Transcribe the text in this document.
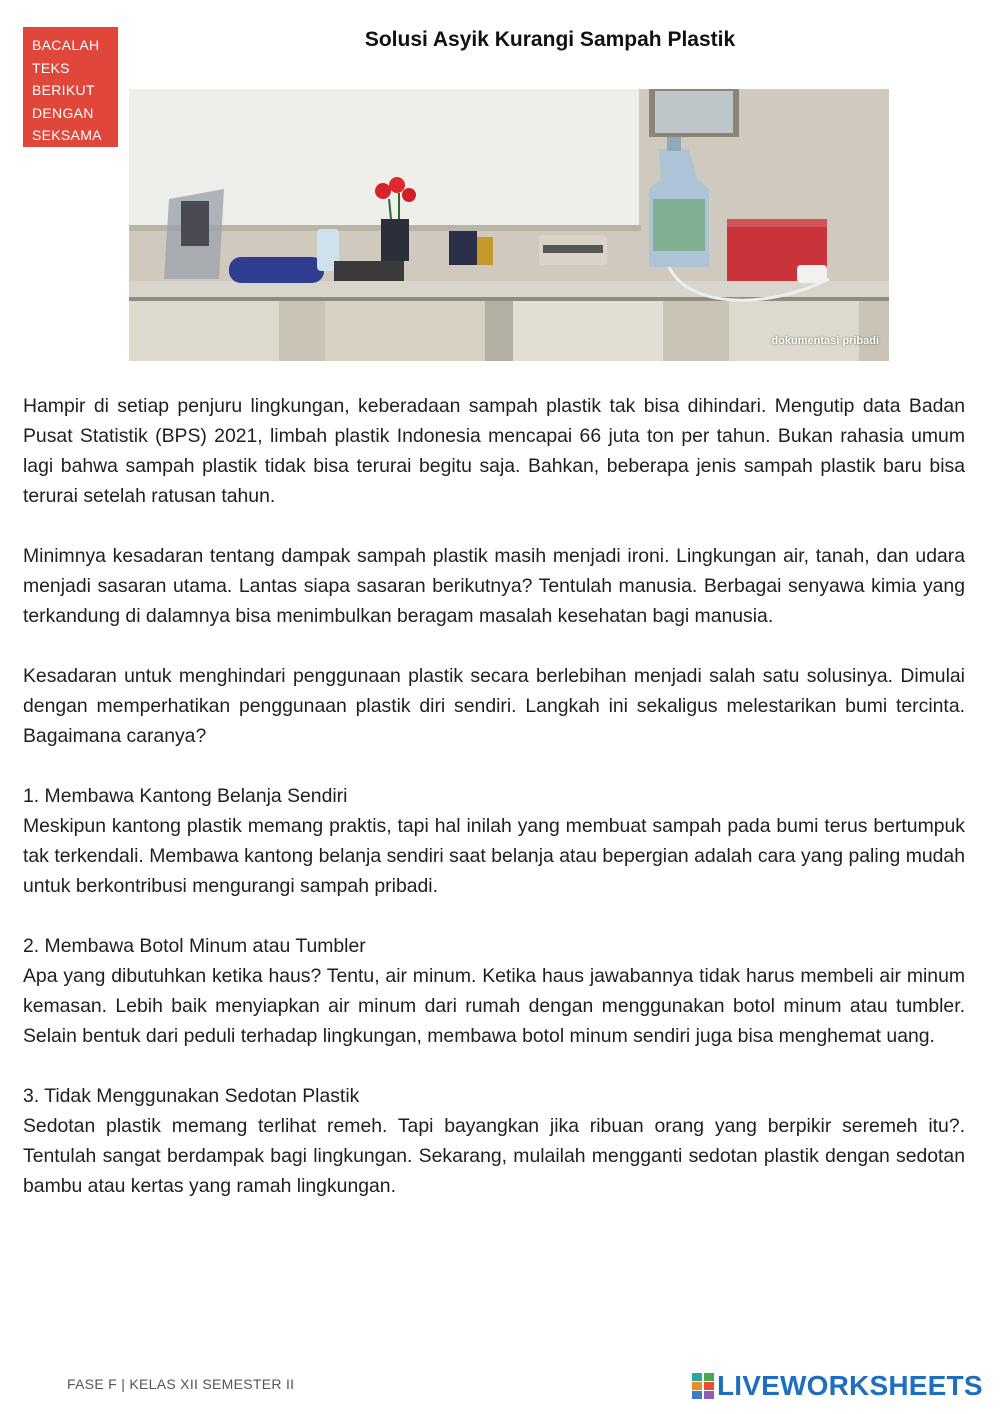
BACALAH
TEKS
BERIKUT
DENGAN
SEKSAMA
Solusi Asyik Kurangi Sampah Plastik
dokumentasi pribadi

Hampir di setiap penjuru lingkungan, keberadaan sampah plastik tak bisa dihindari. Mengutip data Badan Pusat Statistik (BPS) 2021, limbah plastik Indonesia mencapai 66 juta ton per tahun. Bukan rahasia umum lagi bahwa sampah plastik tidak bisa terurai begitu saja. Bahkan, beberapa jenis sampah plastik baru bisa terurai setelah ratusan tahun.

Minimnya kesadaran tentang dampak sampah plastik masih menjadi ironi. Lingkungan air, tanah, dan udara menjadi sasaran utama. Lantas siapa sasaran berikutnya? Tentulah manusia. Berbagai senyawa kimia yang terkandung di dalamnya bisa menimbulkan beragam masalah kesehatan bagi manusia.

Kesadaran untuk menghindari penggunaan plastik secara berlebihan menjadi salah satu solusinya. Dimulai dengan memperhatikan penggunaan plastik diri sendiri. Langkah ini sekaligus melestarikan bumi tercinta. Bagaimana caranya?

1. Membawa Kantong Belanja Sendiri
Meskipun kantong plastik memang praktis, tapi hal inilah yang membuat sampah pada bumi terus bertumpuk tak terkendali. Membawa kantong belanja sendiri saat belanja atau bepergian adalah cara yang paling mudah untuk berkontribusi mengurangi sampah pribadi.
2. Membawa Botol Minum atau Tumbler
Apa yang dibutuhkan ketika haus? Tentu, air minum. Ketika haus jawabannya tidak harus membeli air minum kemasan. Lebih baik menyiapkan air minum dari rumah dengan menggunakan botol minum atau tumbler. Selain bentuk dari peduli terhadap lingkungan, membawa botol minum sendiri juga bisa menghemat uang.
3. Tidak Menggunakan Sedotan Plastik
Sedotan plastik memang terlihat remeh. Tapi bayangkan jika ribuan orang yang berpikir seremeh itu?. Tentulah sangat berdampak bagi lingkungan. Sekarang, mulailah mengganti sedotan plastik dengan sedotan bambu atau kertas yang ramah lingkungan.
FASE F | KELAS XII SEMESTER II	LIVEWORKSHEETS
